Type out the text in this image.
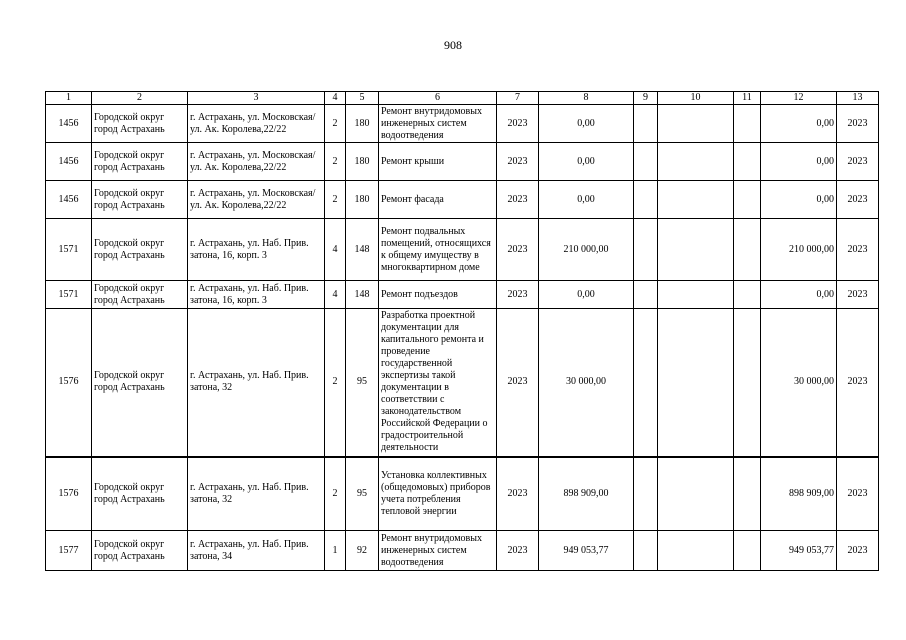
908
1	2	3	4	5	6	7	8	9	10	11	12	13
1456	Городской округ город Астрахань	г. Астрахань, ул. Московская/ ул. Ак. Королева,22/22	2	180	Ремонт внутридомовых инженерных систем водоотведения	2023	0,00				0,00	2023
1456	Городской округ город Астрахань	г. Астрахань, ул. Московская/ ул. Ак. Королева,22/22	2	180	Ремонт крыши	2023	0,00				0,00	2023
1456	Городской округ город Астрахань	г. Астрахань, ул. Московская/ ул. Ак. Королева,22/22	2	180	Ремонт фасада	2023	0,00				0,00	2023
1571	Городской округ город Астрахань	г. Астрахань, ул. Наб. Прив. затона, 16, корп. 3	4	148	Ремонт подвальных помещений, относящихся к общему имуществу в многоквартирном доме	2023	210 000,00				210 000,00	2023
1571	Городской округ город Астрахань	г. Астрахань, ул. Наб. Прив. затона, 16, корп. 3	4	148	Ремонт подъездов	2023	0,00				0,00	2023
1576	Городской округ город Астрахань	г. Астрахань, ул. Наб. Прив. затона, 32	2	95	Разработка проектной документации для капитального ремонта и проведение государственной экспертизы такой документации в соответствии с законодательством Российской Федерации о градостроительной деятельности	2023	30 000,00				30 000,00	2023
1576	Городской округ город Астрахань	г. Астрахань, ул. Наб. Прив. затона, 32	2	95	Установка коллективных (общедомовых) приборов учета потребления тепловой энергии	2023	898 909,00				898 909,00	2023
1577	Городской округ город Астрахань	г. Астрахань, ул. Наб. Прив. затона, 34	1	92	Ремонт внутридомовых инженерных систем водоотведения	2023	949 053,77				949 053,77	2023
